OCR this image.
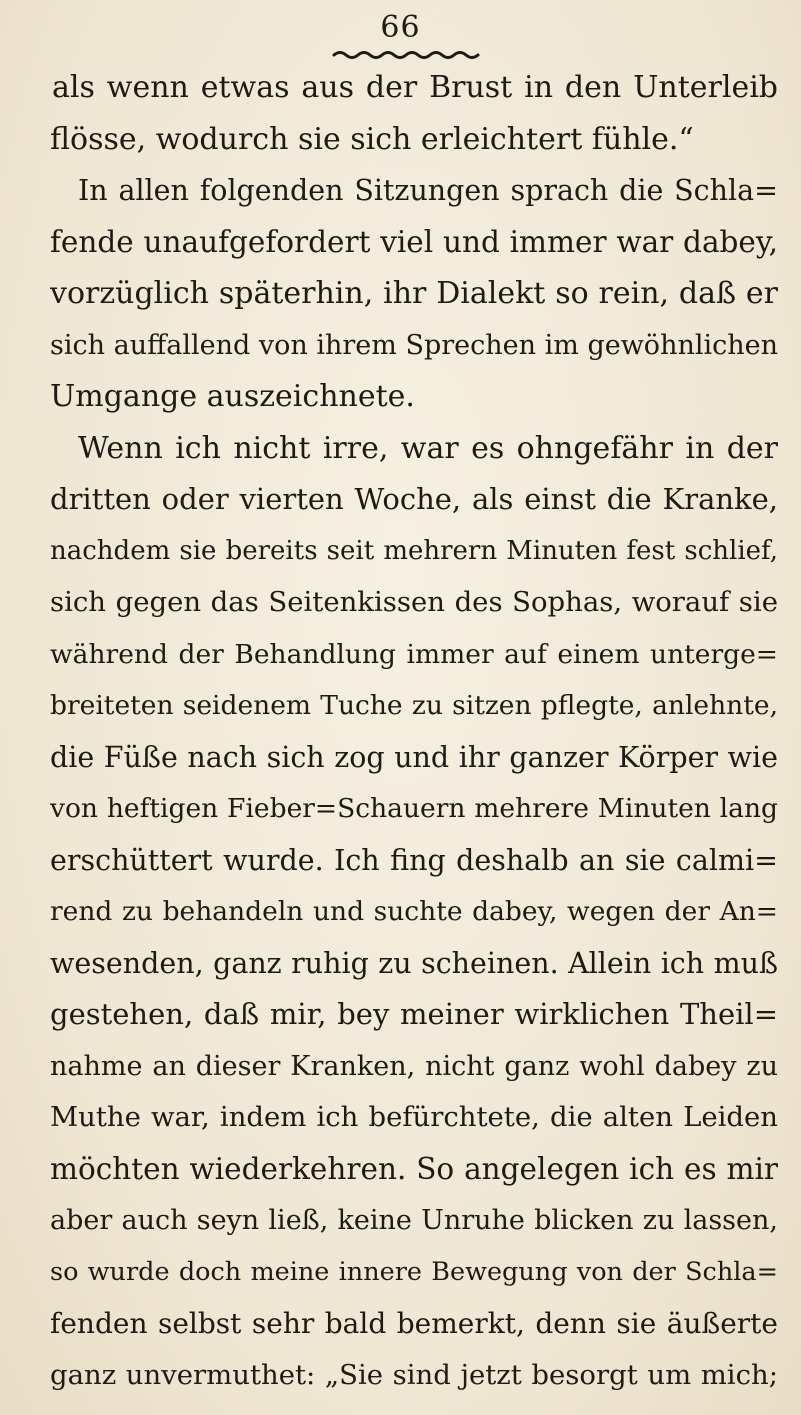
66
als wenn etwas aus der Brust in den Unterleib
flösse, wodurch sie sich erleichtert fühle.“
In allen folgenden Sitzungen sprach die Schla=
fende unaufgefordert viel und immer war dabey,
vorzüglich späterhin, ihr Dialekt so rein, daß er
sich auffallend von ihrem Sprechen im gewöhnlichen
Umgange auszeichnete.
Wenn ich nicht irre, war es ohngefähr in der
dritten oder vierten Woche, als einst die Kranke,
nachdem sie bereits seit mehrern Minuten fest schlief,
sich gegen das Seitenkissen des Sophas, worauf sie
während der Behandlung immer auf einem unterge=
breiteten seidenem Tuche zu sitzen pflegte, anlehnte,
die Füße nach sich zog und ihr ganzer Körper wie
von heftigen Fieber=Schauern mehrere Minuten lang
erschüttert wurde. Ich fing deshalb an sie calmi=
rend zu behandeln und suchte dabey, wegen der An=
wesenden, ganz ruhig zu scheinen. Allein ich muß
gestehen, daß mir, bey meiner wirklichen Theil=
nahme an dieser Kranken, nicht ganz wohl dabey zu
Muthe war, indem ich befürchtete, die alten Leiden
möchten wiederkehren. So angelegen ich es mir
aber auch seyn ließ, keine Unruhe blicken zu lassen,
so wurde doch meine innere Bewegung von der Schla=
fenden selbst sehr bald bemerkt, denn sie äußerte
ganz unvermuthet: „Sie sind jetzt besorgt um mich;
